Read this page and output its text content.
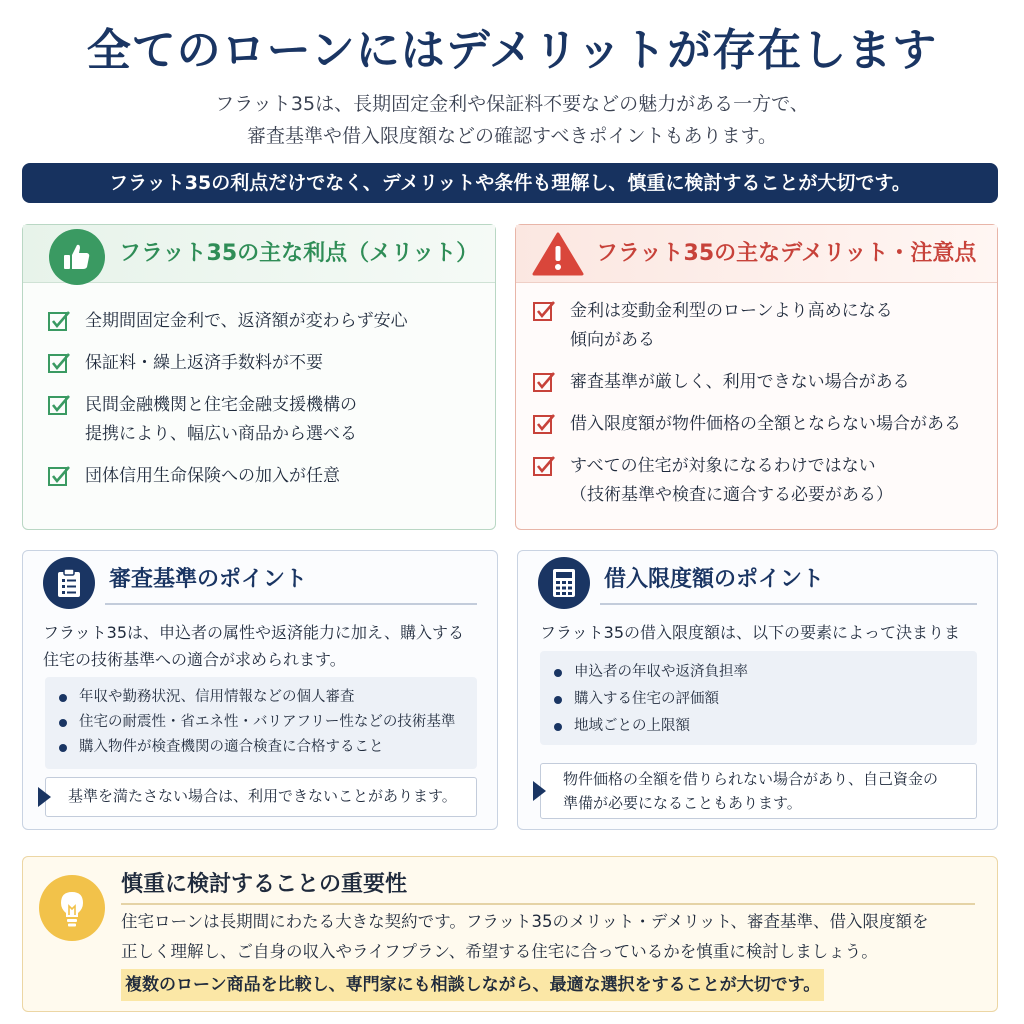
全てのローンにはデメリットが存在します
フラット35は、長期固定金利や保証料不要などの魅力がある一方で、
審査基準や借入限度額などの確認すべきポイントもあります。
フラット35の利点だけでなく、デメリットや条件も理解し、慎重に検討することが大切です。
フラット35の主な利点（メリット）
全期間固定金利で、返済額が変わらず安心
保証料・繰上返済手数料が不要
民間金融機関と住宅金融支援機構の
提携により、幅広い商品から選べる
団体信用生命保険への加入が任意
フラット35の主なデメリット・注意点
金利は変動金利型のローンより高めになる
傾向がある
審査基準が厳しく、利用できない場合がある
借入限度額が物件価格の全額とならない場合がある
すべての住宅が対象になるわけではない
（技術基準や検査に適合する必要がある）
審査基準のポイント
フラット35は、申込者の属性や返済能力に加え、購入する
住宅の技術基準への適合が求められます。
年収や勤務状況、信用情報などの個人審査
住宅の耐震性・省エネ性・バリアフリー性などの技術基準
購入物件が検査機関の適合検査に合格すること
基準を満たさない場合は、利用できないことがあります。
借入限度額のポイント
フラット35の借入限度額は、以下の要素によって決まりま
申込者の年収や返済負担率
購入する住宅の評価額
地域ごとの上限額
物件価格の全額を借りられない場合があり、自己資金の
準備が必要になることもあります。
慎重に検討することの重要性
住宅ローンは長期間にわたる大きな契約です。フラット35のメリット・デメリット、審査基準、借入限度額を
正しく理解し、ご自身の収入やライフプラン、希望する住宅に合っているかを慎重に検討しましょう。
複数のローン商品を比較し、専門家にも相談しながら、最適な選択をすることが大切です。
